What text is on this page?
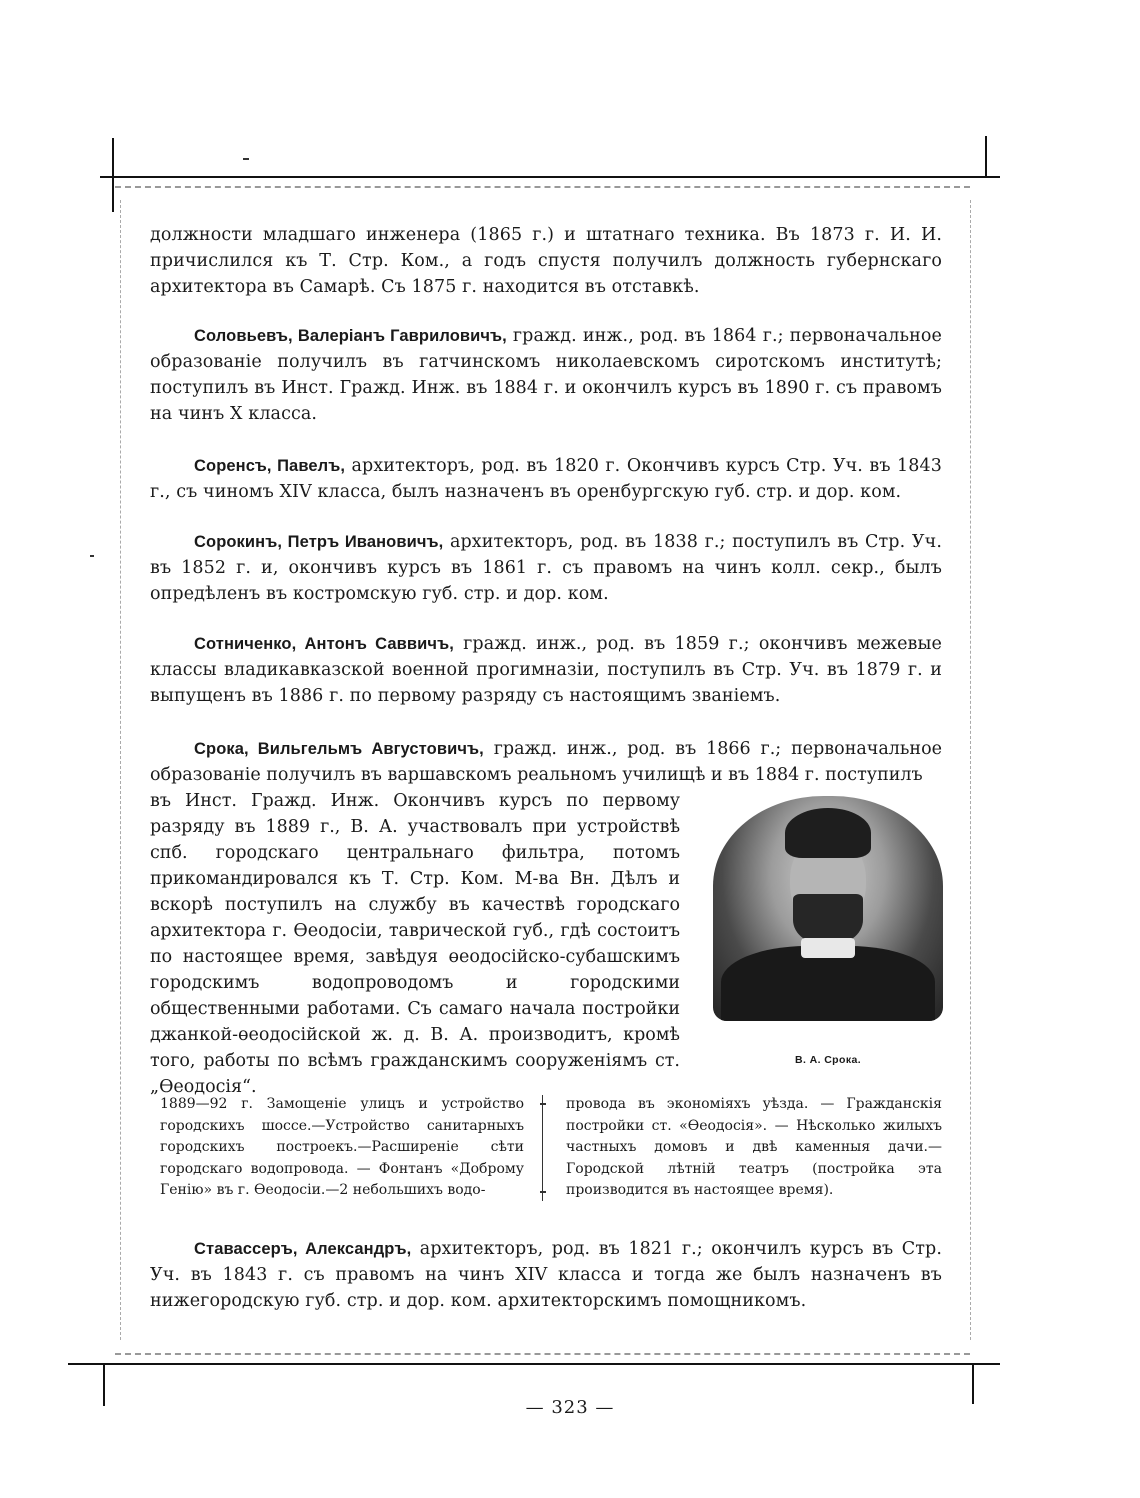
должности младшаго инженера (1865 г.) и штатнаго техника. Въ 1873 г. И. И. причислился къ Т. Стр. Ком., а годъ спустя получилъ должность губернскаго архитектора въ Самарѣ. Съ 1875 г. находится въ отставкѣ.

Соловьевъ, Валерiанъ Гавриловичъ, гражд. инж., род. въ 1864 г.; первоначальное образованіе получилъ въ гатчинскомъ николаевскомъ сиротскомъ институтѣ; поступилъ въ Инст. Гражд. Инж. въ 1884 г. и окончилъ курсъ въ 1890 г. съ правомъ на чинъ X класса.

Соренсъ, Павелъ, архитекторъ, род. въ 1820 г. Окончивъ курсъ Стр. Уч. въ 1843 г., съ чиномъ XIV класса, былъ назначенъ въ оренбургскую губ. стр. и дор. ком.

Сорокинъ, Петръ Ивановичъ, архитекторъ, род. въ 1838 г.; поступилъ въ Стр. Уч. въ 1852 г. и, окончивъ курсъ въ 1861 г. съ правомъ на чинъ колл. секр., былъ опредѣленъ въ костромскую губ. стр. и дор. ком.

Сотниченко, Антонъ Саввичъ, гражд. инж., род. въ 1859 г.; окончивъ межевые классы владикавказской военной прогимназіи, поступилъ въ Стр. Уч. въ 1879 г. и выпущенъ въ 1886 г. по первому разряду съ настоящимъ званіемъ.

Срока, Вильгельмъ Августовичъ, гражд. инж., род. въ 1866 г.; первоначальное образованіе получилъ въ варшавскомъ реальномъ училищѣ и въ 1884 г. поступилъ

въ Инст. Гражд. Инж. Окончивъ курсъ по первому разряду въ 1889 г., В. А. участвовалъ при устройствѣ спб. городскаго центральнаго фильтра, потомъ прикомандировался къ Т. Стр. Ком. М-ва Вн. Дѣлъ и вскорѣ поступилъ на службу въ качествѣ городскаго архитектора г. Өеодосіи, таврической губ., гдѣ состоитъ по настоящее время, завѣдуя өеодосійско-субашскимъ городскимъ водопроводомъ и городскими общественными работами. Съ самаго начала постройки джанкой-өеодосійской ж. д. В. А. производитъ, кромѣ того, работы по всѣмъ гражданскимъ сооруженіямъ ст. „Өеодосія“.

В. А. Срока.

1889—92 г. Замощеніе улицъ и устройство городскихъ шоссе.—Устройство санитарныхъ городскихъ построекъ.—Расширеніе сѣти городскаго водопровода. — Фонтанъ «Доброму Генію» въ г. Өеодосіи.—2 небольшихъ водо-

провода въ экономіяхъ уѣзда. — Гражданскія постройки ст. «Өеодосія». — Нѣсколько жилыхъ частныхъ домовъ и двѣ каменныя дачи.—Городской лѣтній театръ (постройка эта производится въ настоящее время).

Ставассеръ, Александръ, архитекторъ, род. въ 1821 г.; окончилъ курсъ въ Стр. Уч. въ 1843 г. съ правомъ на чинъ XIV класса и тогда же былъ назначенъ въ нижегородскую губ. стр. и дор. ком. архитекторскимъ помощникомъ.

— 323 —
